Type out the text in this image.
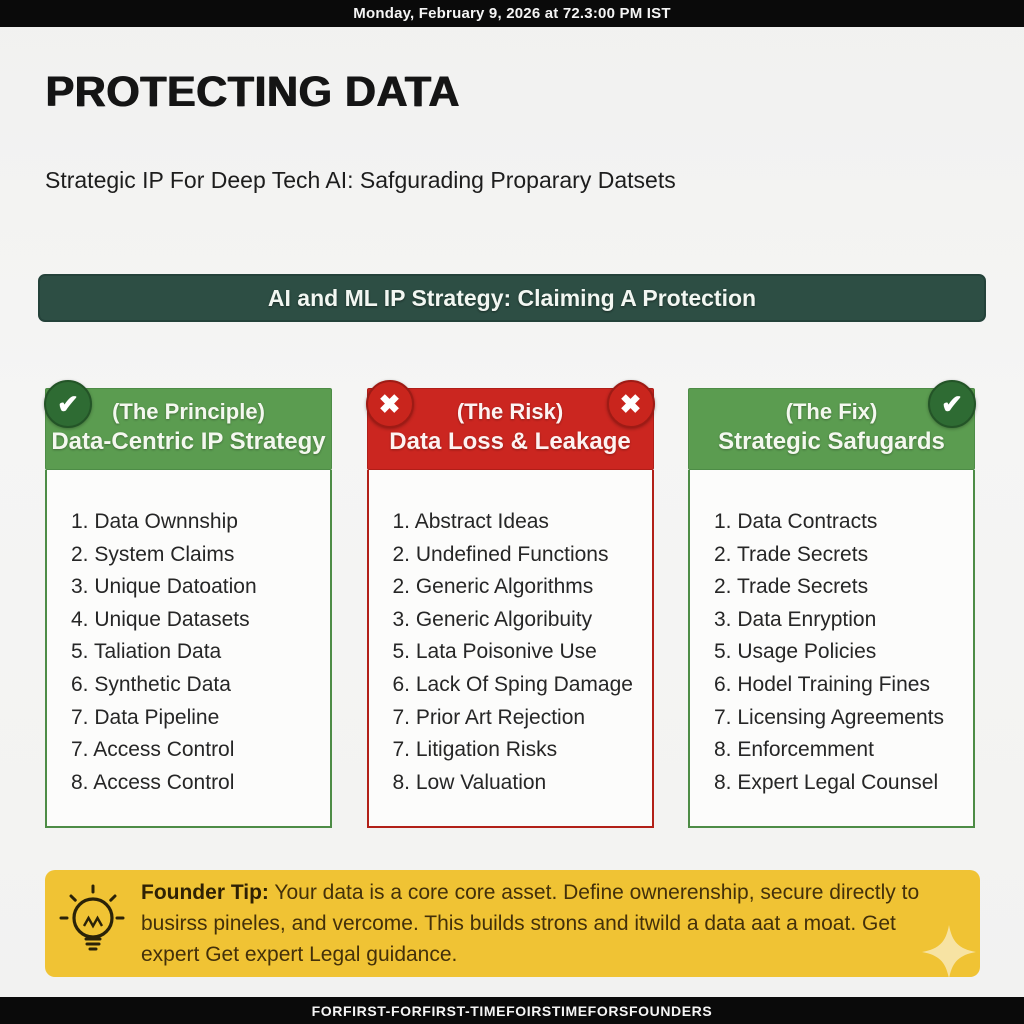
Monday, February 9, 2026 at 72.3:00 PM IST
PROTECTING DATA

Strategic IP For Deep Tech AI: Safgurading Proparary Datsets

AI and ML IP Strategy: Claiming A Protection
✔	(The Principle)
Data-Centric IP Strategy
1. Data Ownnship
2. System Claims
3. Unique Datoation
4. Unique Datasets
5. Taliation Data
6. Synthetic Data
7. Data Pipeline
7. Access Control
8. Access Control
✖	✖
(The Risk)
Data Loss & Leakage
1. Abstract Ideas
2. Undefined Functions
2. Generic Algorithms
3. Generic Algoribuity
5. Lata Poisonive Use
6. Lack Of Sping Damage
7. Prior Art Rejection
7. Litigation Risks
8. Low Valuation
✔
(The Fix)
Strategic Safugards
1. Data Contracts
2. Trade Secrets
2. Trade Secrets
3. Data Enryption
5. Usage Policies
6. Hodel Training Fines
7. Licensing Agreements
8. Enforcemment
8. Expert Legal Counsel

Founder Tip: Your data is a core core asset. Define ownerenship, secure directly to busirss pineles, and vercome. This builds strons and itwild a data aat a moat. Get expert Get expert Legal guidance.

FORFIRST-FORFIRST-TIMEFOIRSTIMEFORSFOUNDERS
